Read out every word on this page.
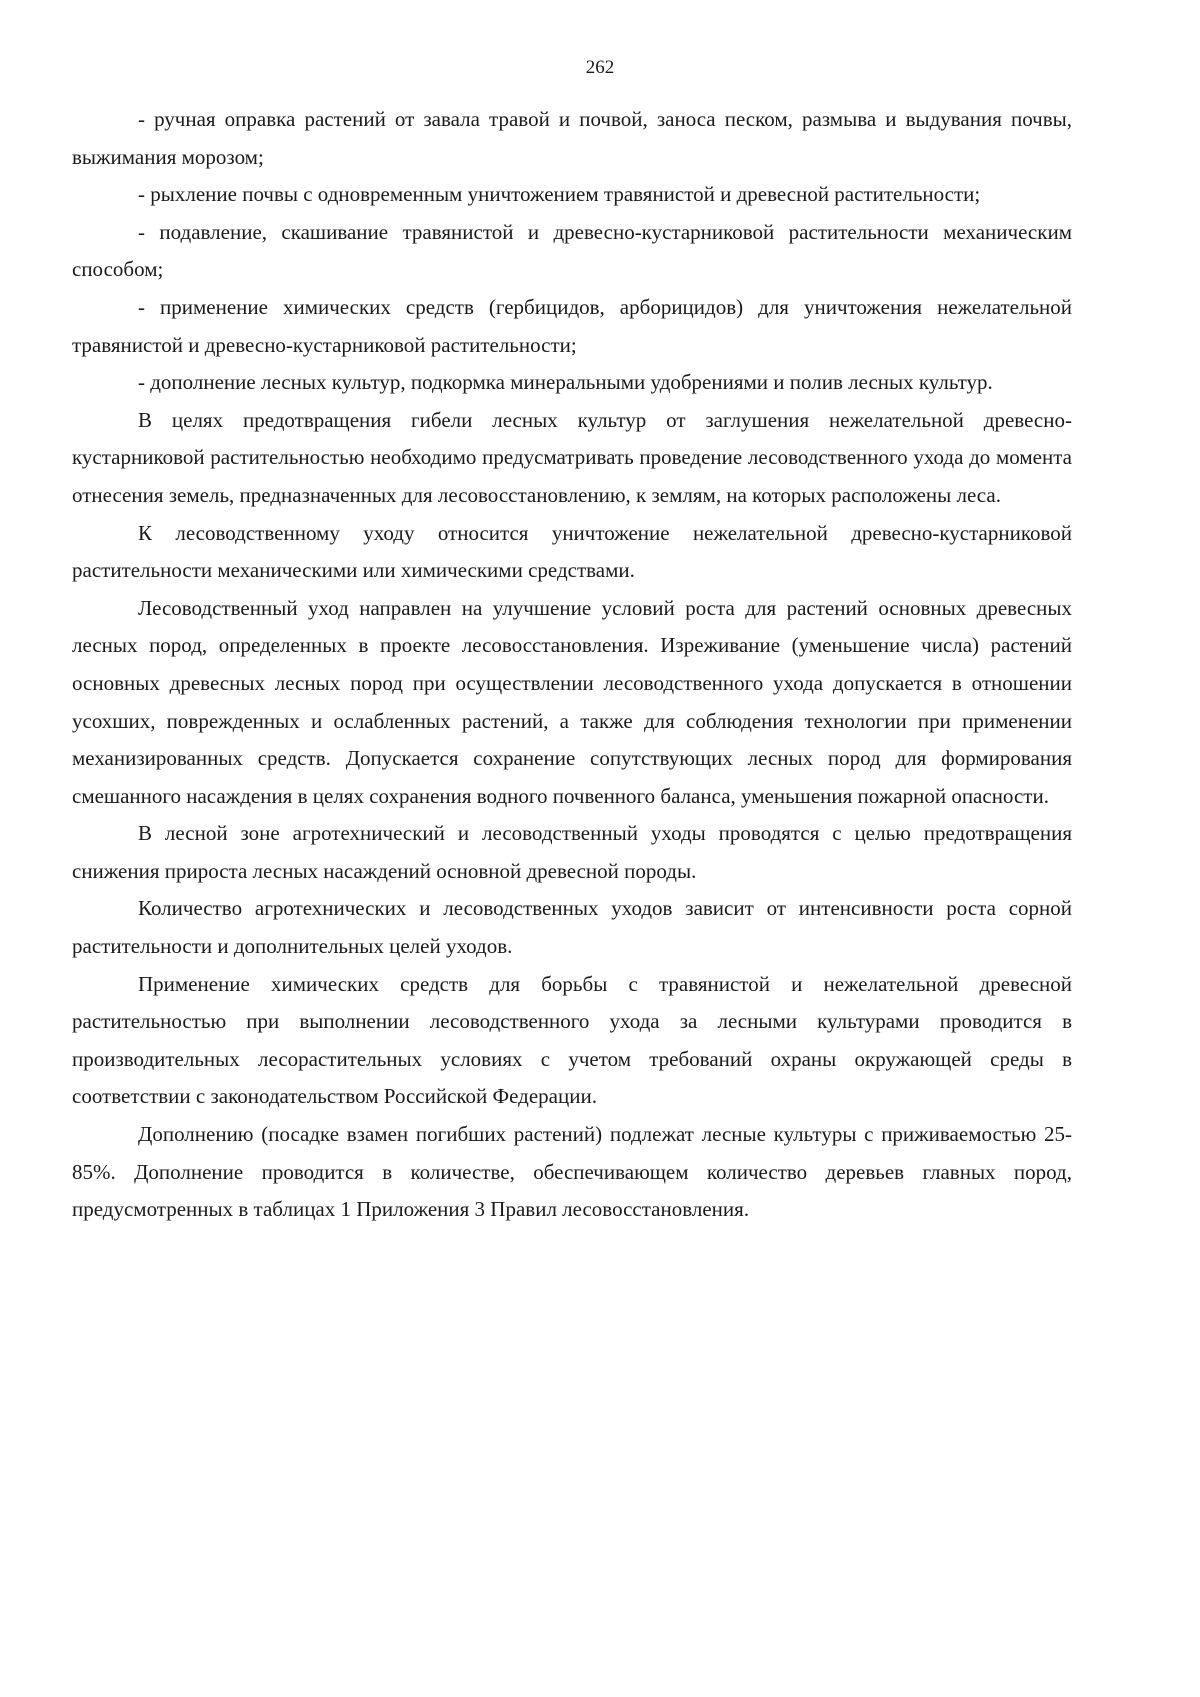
262

- ручная оправка растений от завала травой и почвой, заноса песком, размыва и выдувания почвы, выжимания морозом;

- рыхление почвы с одновременным уничтожением травянистой и древесной растительности;

- подавление, скашивание травянистой и древесно-кустарниковой растительности механическим способом;

- применение химических средств (гербицидов, арборицидов) для уничтожения нежелательной травянистой и древесно-кустарниковой растительности;

- дополнение лесных культур, подкормка минеральными удобрениями и полив лесных культур.

В целях предотвращения гибели лесных культур от заглушения нежелательной древесно-кустарниковой растительностью необходимо предусматривать проведение лесоводственного ухода до момента отнесения земель, предназначенных для лесовосстановлению, к землям, на которых расположены леса.

К лесоводственному уходу относится уничтожение нежелательной древесно-кустарниковой растительности механическими или химическими средствами.

Лесоводственный уход направлен на улучшение условий роста для растений основных древесных лесных пород, определенных в проекте лесовосстановления. Изреживание (уменьшение числа) растений основных древесных лесных пород при осуществлении лесоводственного ухода допускается в отношении усохших, поврежденных и ослабленных растений, а также для соблюдения технологии при применении механизированных средств. Допускается сохранение сопутствующих лесных пород для формирования смешанного насаждения в целях сохранения водного почвенного баланса, уменьшения пожарной опасности.

В лесной зоне агротехнический и лесоводственный уходы проводятся с целью предотвращения снижения прироста лесных насаждений основной древесной породы.

Количество агротехнических и лесоводственных уходов зависит от интенсивности роста сорной растительности и дополнительных целей уходов.

Применение химических средств для борьбы с травянистой и нежелательной древесной растительностью при выполнении лесоводственного ухода за лесными культурами проводится в производительных лесорастительных условиях с учетом требований охраны окружающей среды в соответствии с законодательством Российской Федерации.

Дополнению (посадке взамен погибших растений) подлежат лесные культуры с приживаемостью 25-85%. Дополнение проводится в количестве, обеспечивающем количество деревьев главных пород, предусмотренных в таблицах 1 Приложения 3 Правил лесовосстановления.
